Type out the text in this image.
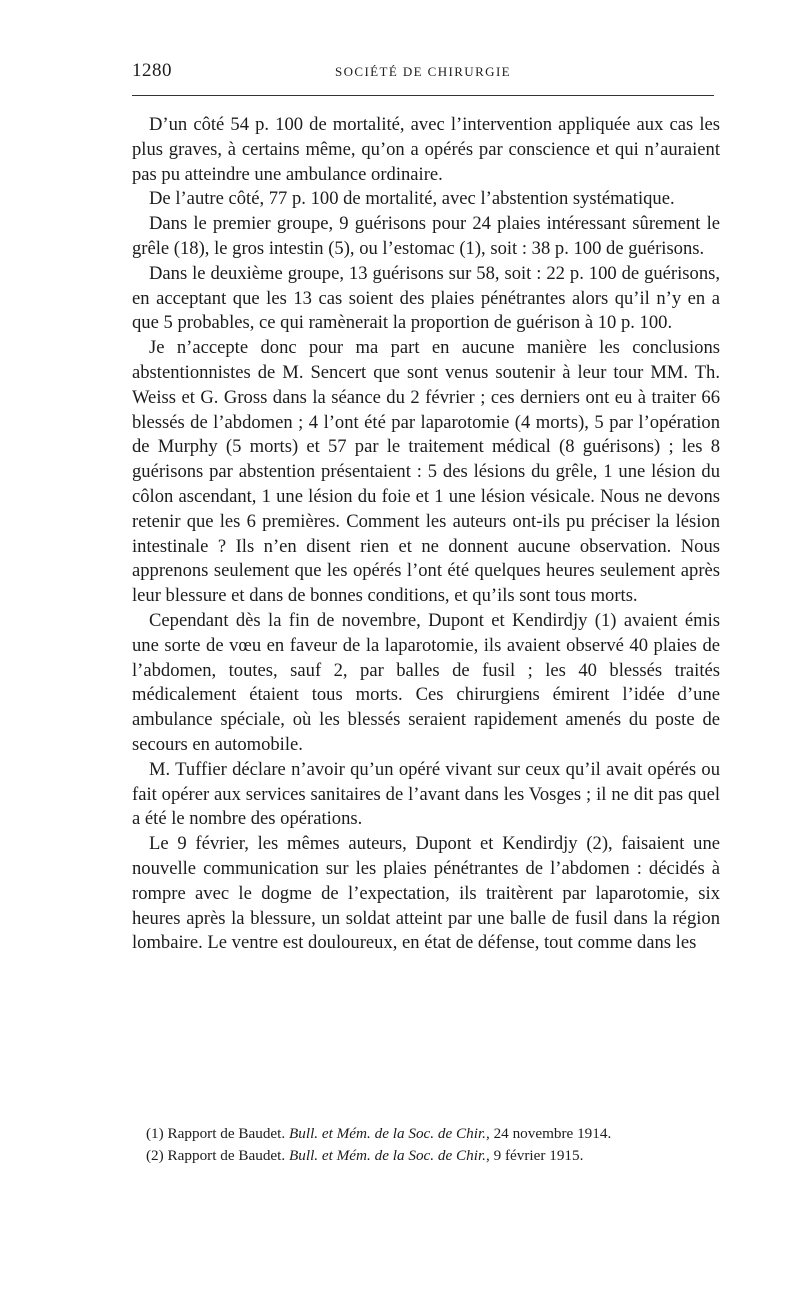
1280	SOCIÉTÉ DE CHIRURGIE

D’un côté 54 p. 100 de mortalité, avec l’intervention appliquée aux cas les plus graves, à certains même, qu’on a opérés par conscience et qui n’auraient pas pu atteindre une ambulance ordinaire.

De l’autre côté, 77 p. 100 de mortalité, avec l’abstention systématique.

Dans le premier groupe, 9 guérisons pour 24 plaies intéressant sûrement le grêle (18), le gros intestin (5), ou l’estomac (1), soit : 38 p. 100 de guérisons.

Dans le deuxième groupe, 13 guérisons sur 58, soit : 22 p. 100 de guérisons, en acceptant que les 13 cas soient des plaies pénétrantes alors qu’il n’y en a que 5 probables, ce qui ramènerait la proportion de guérison à 10 p. 100.

Je n’accepte donc pour ma part en aucune manière les conclusions abstentionnistes de M. Sencert que sont venus soutenir à leur tour MM. Th. Weiss et G. Gross dans la séance du 2 février ; ces derniers ont eu à traiter 66 blessés de l’abdomen ; 4 l’ont été par laparotomie (4 morts), 5 par l’opération de Murphy (5 morts) et 57 par le traitement médical (8 guérisons) ; les 8 guérisons par abstention présentaient : 5 des lésions du grêle, 1 une lésion du côlon ascendant, 1 une lésion du foie et 1 une lésion vésicale. Nous ne devons retenir que les 6 premières. Comment les auteurs ont-ils pu préciser la lésion intestinale ? Ils n’en disent rien et ne donnent aucune observation. Nous apprenons seulement que les opérés l’ont été quelques heures seulement après leur blessure et dans de bonnes conditions, et qu’ils sont tous morts.

Cependant dès la fin de novembre, Dupont et Kendirdjy (1) avaient émis une sorte de vœu en faveur de la laparotomie, ils avaient observé 40 plaies de l’abdomen, toutes, sauf 2, par balles de fusil ; les 40 blessés traités médicalement étaient tous morts. Ces chirurgiens émirent l’idée d’une ambulance spéciale, où les blessés seraient rapidement amenés du poste de secours en automobile.

M. Tuffier déclare n’avoir qu’un opéré vivant sur ceux qu’il avait opérés ou fait opérer aux services sanitaires de l’avant dans les Vosges ; il ne dit pas quel a été le nombre des opérations.

Le 9 février, les mêmes auteurs, Dupont et Kendirdjy (2), faisaient une nouvelle communication sur les plaies pénétrantes de l’abdomen : décidés à rompre avec le dogme de l’expectation, ils traitèrent par laparotomie, six heures après la blessure, un soldat atteint par une balle de fusil dans la région lombaire. Le ventre est douloureux, en état de défense, tout comme dans les

(1) Rapport de Baudet. Bull. et Mém. de la Soc. de Chir., 24 novembre 1914.

(2) Rapport de Baudet. Bull. et Mém. de la Soc. de Chir., 9 février 1915.
